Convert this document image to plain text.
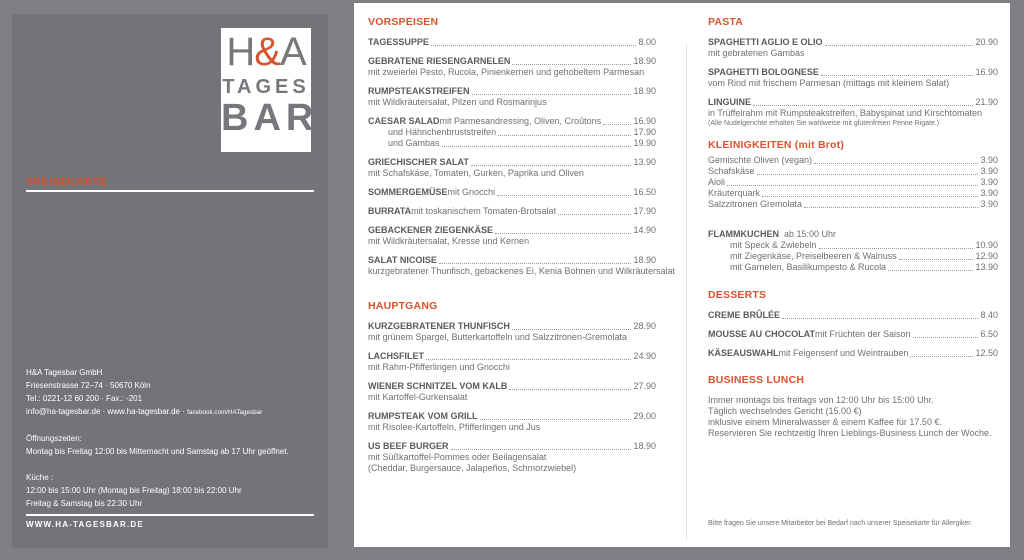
H&A
TAGES
BAR
SPEISEKARTE
H&A Tagesbar GmbH
Friesenstrasse 72–74 · 50670 Köln
Tel.: 0221-12 60 200 · Fax.: -201
info@ha-tagesbar.de · www.ha-tagesbar.de · facebook.com/HATagesbar
Öffnungszeiten:
Montag bis Freitag 12:00 bis Mitternacht und Samstag ab 17 Uhr geöffnet.
Küche :
12:00 bis 15:00 Uhr (Montag bis Freitag) 18:00 bis 22:00 Uhr
Freitag & Samstag bis 22:30 Uhr
WWW.HA-TAGESBAR.DE
VORSPEISEN
TAGESSUPPE	8.00
GEBRATENE RIESENGARNELEN	18.90
mit zweierlei Pesto, Rucola, Pinienkernen und gehobeltem Parmesan
RUMPSTEAKSTREIFEN	18.90
mit Wildkräutersalat, Pilzen und Rosmarinjus
CAESAR SALAD mit Parmesandressing, Oliven, Croûtons	16.90
und Hähnchenbruststreifen	17.90
und Gambas	19.90
GRIECHISCHER SALAT	13.90
mit Schafskäse, Tomaten, Gurken, Paprika und Oliven
SOMMERGEMÜSE mit Gnocchi	16.50
BURRATA mit toskanischem Tomaten-Brotsalat	17.90
GEBACKENER ZIEGENKÄSE	14.90
mit Wildkräutersalat, Kresse und Kernen
SALAT NICOISE	18.90
kurzgebratener Thunfisch, gebackenes Ei, Kenia Bohnen und Wilkräutersalat
HAUPTGANG
KURZGEBRATENER THUNFISCH	28.90
mit grünem Spargel, Butterkartoffeln und Salzzitronen-Gremolata
LACHSFILET	24.90
mit Rahm-Pfifferlingen und Gnocchi
WIENER SCHNITZEL VOM KALB	27.90
mit Kartoffel-Gurkensalat
RUMPSTEAK VOM GRILL	29.00
mit Risolee-Kartoffeln, Pfifferlingen und Jus
US BEEF BURGER	18.90
mit Süßkartoffel-Pommes oder Beilagensalat
(Cheddar, Burgersauce, Jalapeños, Schmorzwiebel)
PASTA
SPAGHETTI AGLIO E OLIO	20.90
mit gebratenen Gambas
SPAGHETTI BOLOGNESE	16.90
vom Rind mit frischem Parmesan (mittags mit kleinem Salat)
LINGUINE	21.90
in Trüffelrahm mit Rumpsteakstreifen, Babyspinat und Kirschtomaten
(Alle Nudelgerichte erhalten Sie wahlweise mit glutenfreien Penne Rigate.)
KLEINIGKEITEN (mit Brot)
Gemischte Oliven (vegan)	3.90
Schafskäse	3.90
Aioli	3.90
Kräuterquark	3.90
Salzzitronen Gremolata	3.90
FLAMMKUCHEN
ab 15:00 Uhr
mit Speck & Zwiebeln	10.90
mit Ziegenkäse, Preiselbeeren & Walnuss	12.90
mit Garnelen, Basilikumpesto & Rucola	13.90
DESSERTS
CREME BRÛLÉE	8.40
MOUSSE AU CHOCOLAT mit Früchten der Saison	6.50
KÄSEAUSWAHL mit Feigensenf und Weintrauben	12.50
BUSINESS LUNCH
Immer montags bis freitags von 12:00 Uhr bis 15:00 Uhr.
Täglich wechselndes Gericht (15.00 €)
inklusive einem Mineralwasser & einem Kaffee für 17.50 €.
Reservieren Sie rechtzeitig Ihren Lieblings-Business Lunch der Woche.
Bitte fragen Sie unsere Mitarbeiter bei Bedarf nach unserer Speisekarte für Allergiker.
